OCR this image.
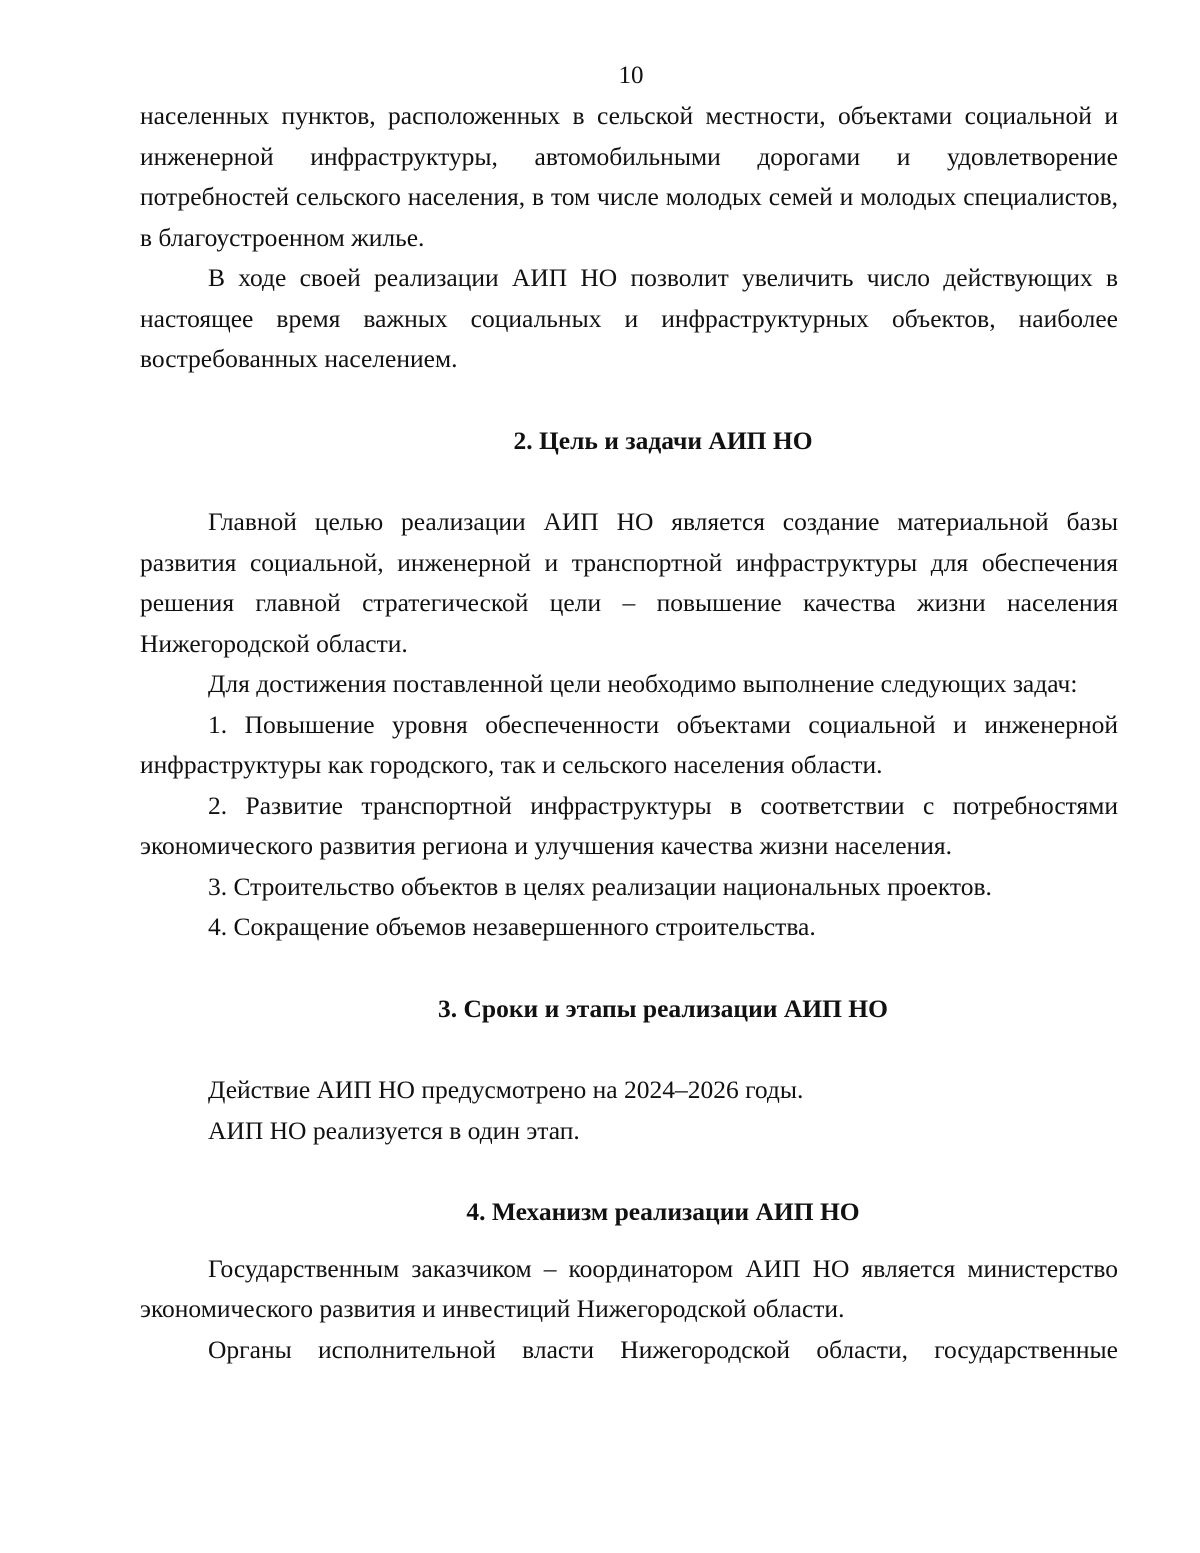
10

населенных пунктов, расположенных в сельской местности, объектами социальной и инженерной инфраструктуры, автомобильными дорогами и удовлетворение потребностей сельского населения, в том числе молодых семей и молодых специалистов, в благоустроенном жилье.

В ходе своей реализации АИП НО позволит увеличить число действующих в настоящее время важных социальных и инфраструктурных объектов, наиболее востребованных населением.

2. Цель и задачи АИП НО

Главной целью реализации АИП НО является создание материальной базы развития социальной, инженерной и транспортной инфраструктуры для обеспечения решения главной стратегической цели – повышение качества жизни населения Нижегородской области.

Для достижения поставленной цели необходимо выполнение следующих задач:

1. Повышение уровня обеспеченности объектами социальной и инженерной инфраструктуры как городского, так и сельского населения области.

2. Развитие транспортной инфраструктуры в соответствии с потребностями экономического развития региона и улучшения качества жизни населения.

3. Строительство объектов в целях реализации национальных проектов.

4. Сокращение объемов незавершенного строительства.

3. Сроки и этапы реализации АИП НО

Действие АИП НО предусмотрено на 2024–2026 годы.

АИП НО реализуется в один этап.

4. Механизм реализации АИП НО

Государственным заказчиком – координатором АИП НО является министерство экономического развития и инвестиций Нижегородской области.

Органы исполнительной власти Нижегородской области, государственные
